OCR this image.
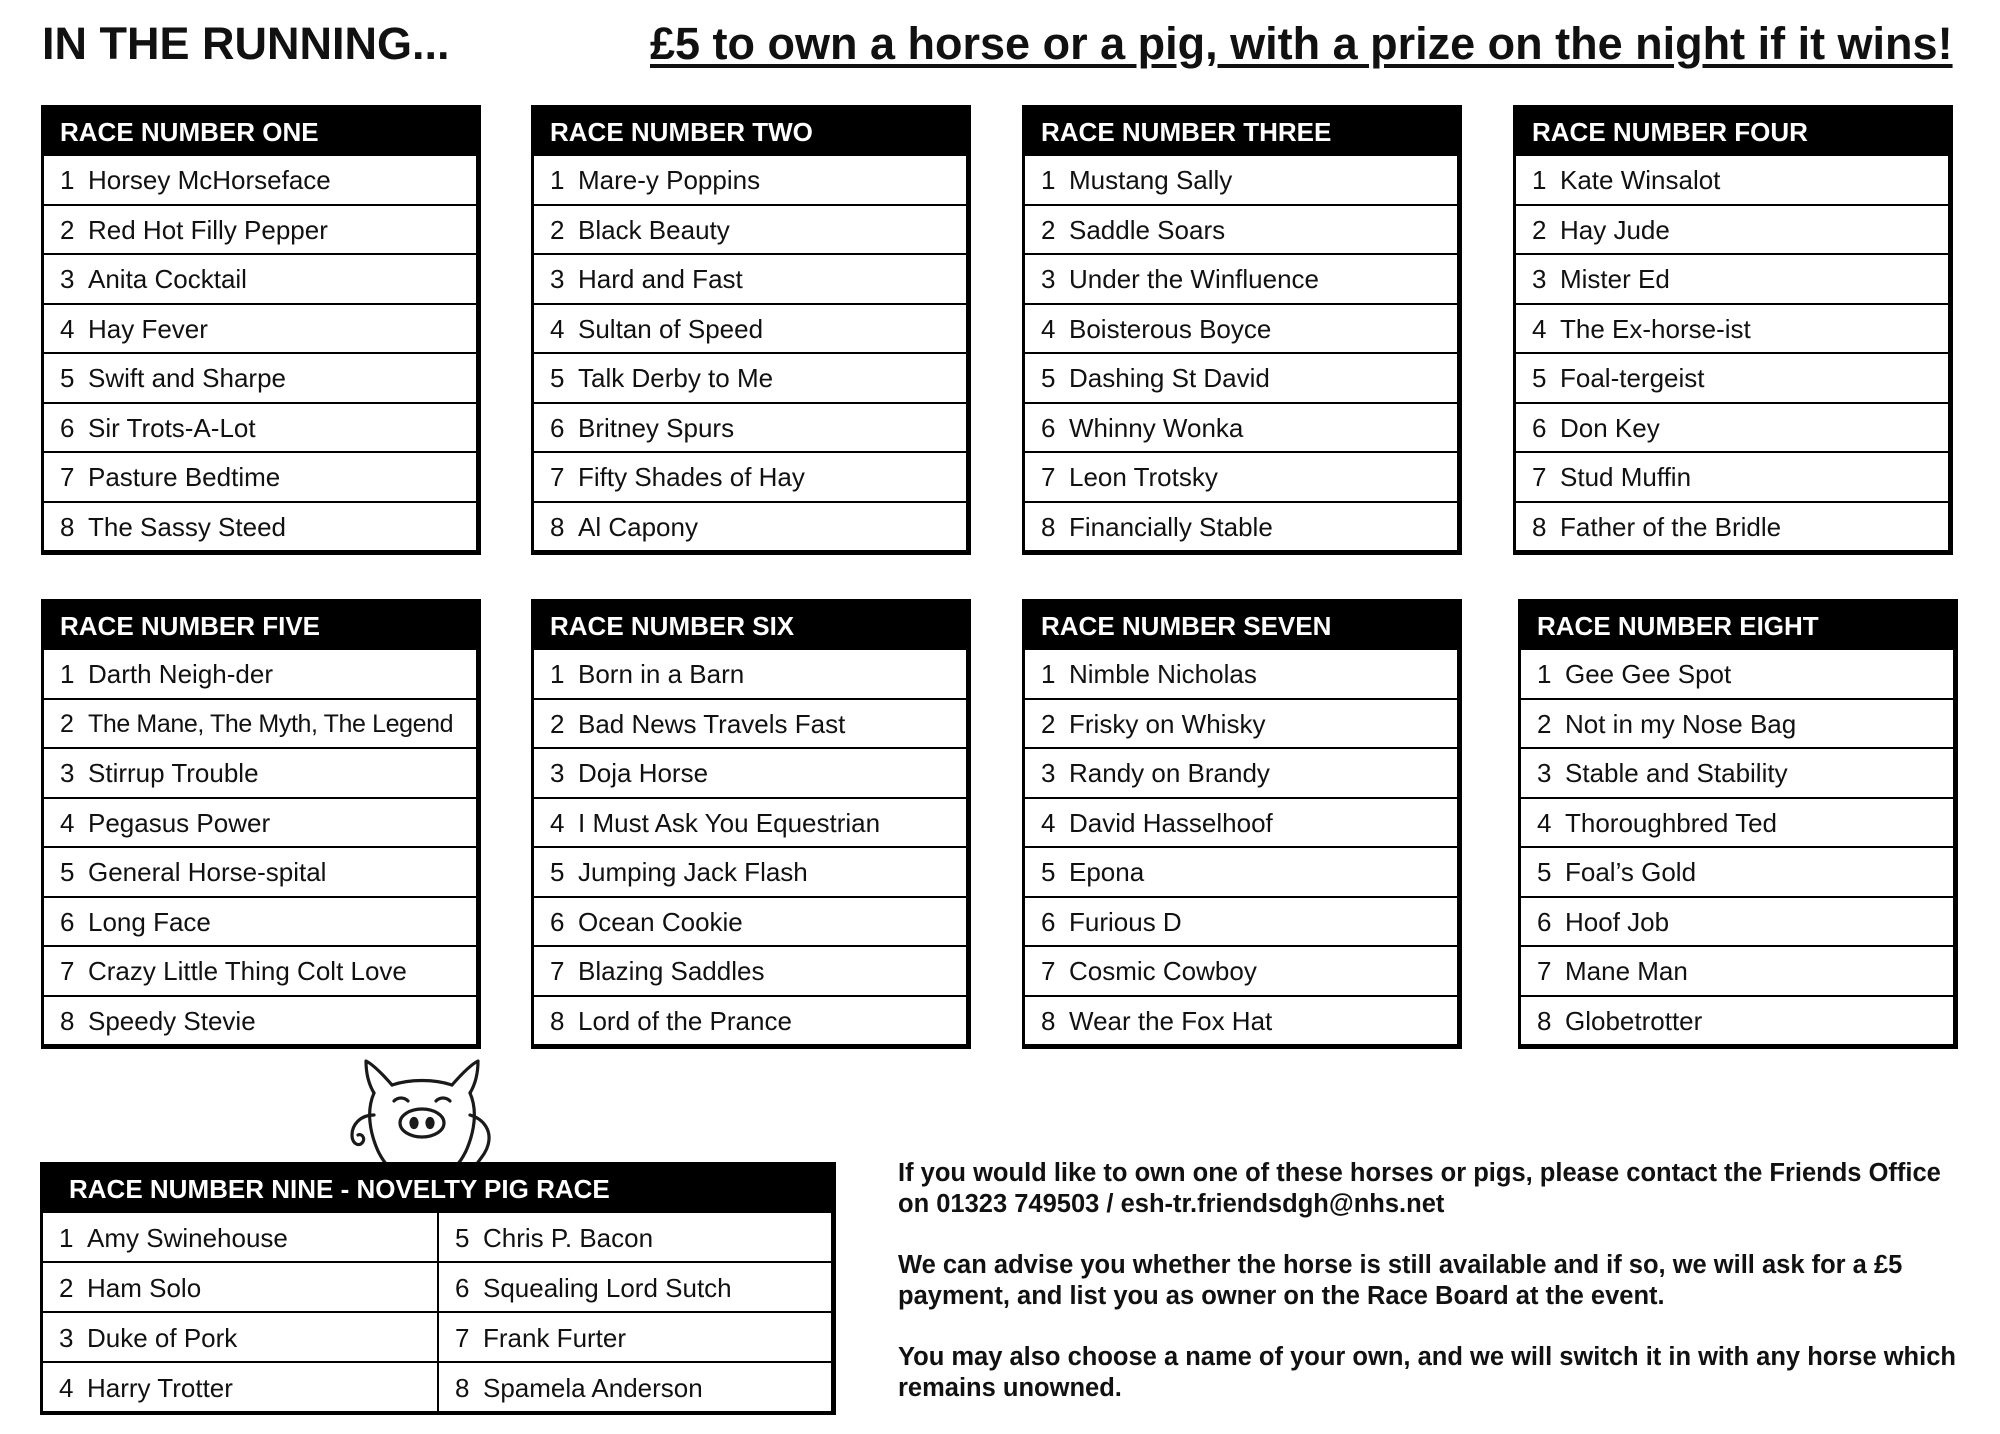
IN THE RUNNING...	£5 to own a horse or a pig, with a prize on the night if it wins!
RACE NUMBER ONE
1 Horsey McHorseface
2 Red Hot Filly Pepper
3 Anita Cocktail
4 Hay Fever
5 Swift and Sharpe
6 Sir Trots-A-Lot
7 Pasture Bedtime
8 The Sassy Steed
RACE NUMBER TWO
1 Mare-y Poppins
2 Black Beauty
3 Hard and Fast
4 Sultan of Speed
5 Talk Derby to Me
6 Britney Spurs
7 Fifty Shades of Hay
8 Al Capony
RACE NUMBER THREE
1 Mustang Sally
2 Saddle Soars
3 Under the Winfluence
4 Boisterous Boyce
5 Dashing St David
6 Whinny Wonka
7 Leon Trotsky
8 Financially Stable
RACE NUMBER FOUR
1 Kate Winsalot
2 Hay Jude
3 Mister Ed
4 The Ex-horse-ist
5 Foal-tergeist
6 Don Key
7 Stud Muffin
8 Father of the Bridle
RACE NUMBER FIVE
1 Darth Neigh-der
2 The Mane, The Myth, The Legend
3 Stirrup Trouble
4 Pegasus Power
5 General Horse-spital
6 Long Face
7 Crazy Little Thing Colt Love
8 Speedy Stevie
RACE NUMBER SIX
1 Born in a Barn
2 Bad News Travels Fast
3 Doja Horse
4 I Must Ask You Equestrian
5 Jumping Jack Flash
6 Ocean Cookie
7 Blazing Saddles
8 Lord of the Prance
RACE NUMBER SEVEN
1 Nimble Nicholas
2 Frisky on Whisky
3 Randy on Brandy
4 David Hasselhoof
5 Epona
6 Furious D
7 Cosmic Cowboy
8 Wear the Fox Hat
RACE NUMBER EIGHT
1 Gee Gee Spot
2 Not in my Nose Bag
3 Stable and Stability
4 Thoroughbred Ted
5 Foal’s Gold
6 Hoof Job
7 Mane Man
8 Globetrotter
RACE NUMBER NINE - NOVELTY PIG RACE
1 Amy Swinehouse
2 Ham Solo
3 Duke of Pork
4 Harry Trotter
5 Chris P. Bacon
6 Squealing Lord Sutch
7 Frank Furter
8 Spamela Anderson

If you would like to own one of these horses or pigs, please contact the Friends Office on 01323 749503 / esh-tr.friendsdgh@nhs.net

We can advise you whether the horse is still available and if so, we will ask for a £5 payment, and list you as owner on the Race Board at the event.

You may also choose a name of your own, and we will switch it in with any horse which remains unowned.
